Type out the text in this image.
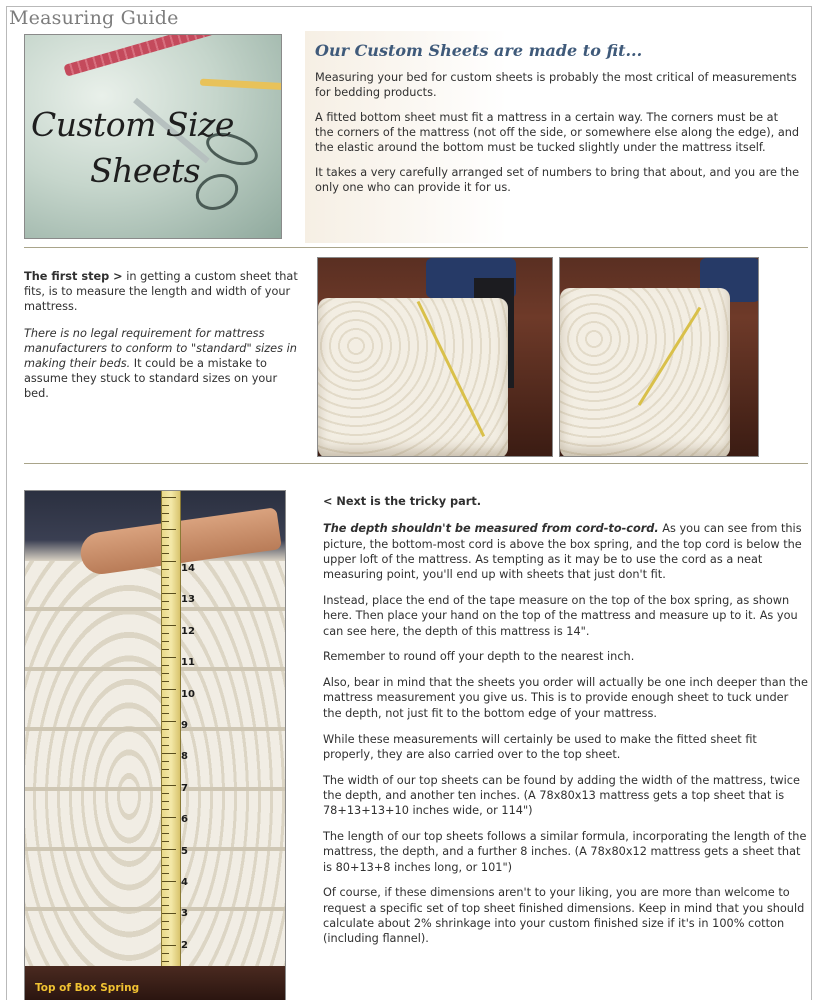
Measuring Guide
Custom Size
Sheets
Our Custom Sheets are made to fit...

Measuring your bed for custom sheets is probably the most critical of measurements for bedding products.

A fitted bottom sheet must fit a mattress in a certain way. The corners must be at the corners of the mattress (not off the side, or somewhere else along the edge), and the elastic around the bottom must be tucked slightly under the mattress itself.

It takes a very carefully arranged set of numbers to bring that about, and you are the only one who can provide it for us.

The first step > in getting a custom sheet that fits, is to measure the length and width of your mattress.

There is no legal requirement for mattress manufacturers to conform to "standard" sizes in making their beds. It could be a mistake to assume they stuck to standard sizes on your bed.

14
13
12
11
10
9
8
7
6
5
4
3
2
Top of Box Spring

< Next is the tricky part.

The depth shouldn't be measured from cord-to-cord. As you can see from this picture, the bottom-most cord is above the box spring, and the top cord is below the upper loft of the mattress. As tempting as it may be to use the cord as a neat measuring point, you'll end up with sheets that just don't fit.

Instead, place the end of the tape measure on the top of the box spring, as shown here. Then place your hand on the top of the mattress and measure up to it. As you can see here, the depth of this mattress is 14".

Remember to round off your depth to the nearest inch.

Also, bear in mind that the sheets you order will actually be one inch deeper than the mattress measurement you give us. This is to provide enough sheet to tuck under the depth, not just fit to the bottom edge of your mattress.

While these measurements will certainly be used to make the fitted sheet fit properly, they are also carried over to the top sheet.

The width of our top sheets can be found by adding the width of the mattress, twice the depth, and another ten inches. (A 78x80x13 mattress gets a top sheet that is 78+13+13+10 inches wide, or 114")

The length of our top sheets follows a similar formula, incorporating the length of the mattress, the depth, and a further 8 inches. (A 78x80x12 mattress gets a sheet that is 80+13+8 inches long, or 101")

Of course, if these dimensions aren't to your liking, you are more than welcome to request a specific set of top sheet finished dimensions. Keep in mind that you should calculate about 2% shrinkage into your custom finished size if it's in 100% cotton (including flannel).
